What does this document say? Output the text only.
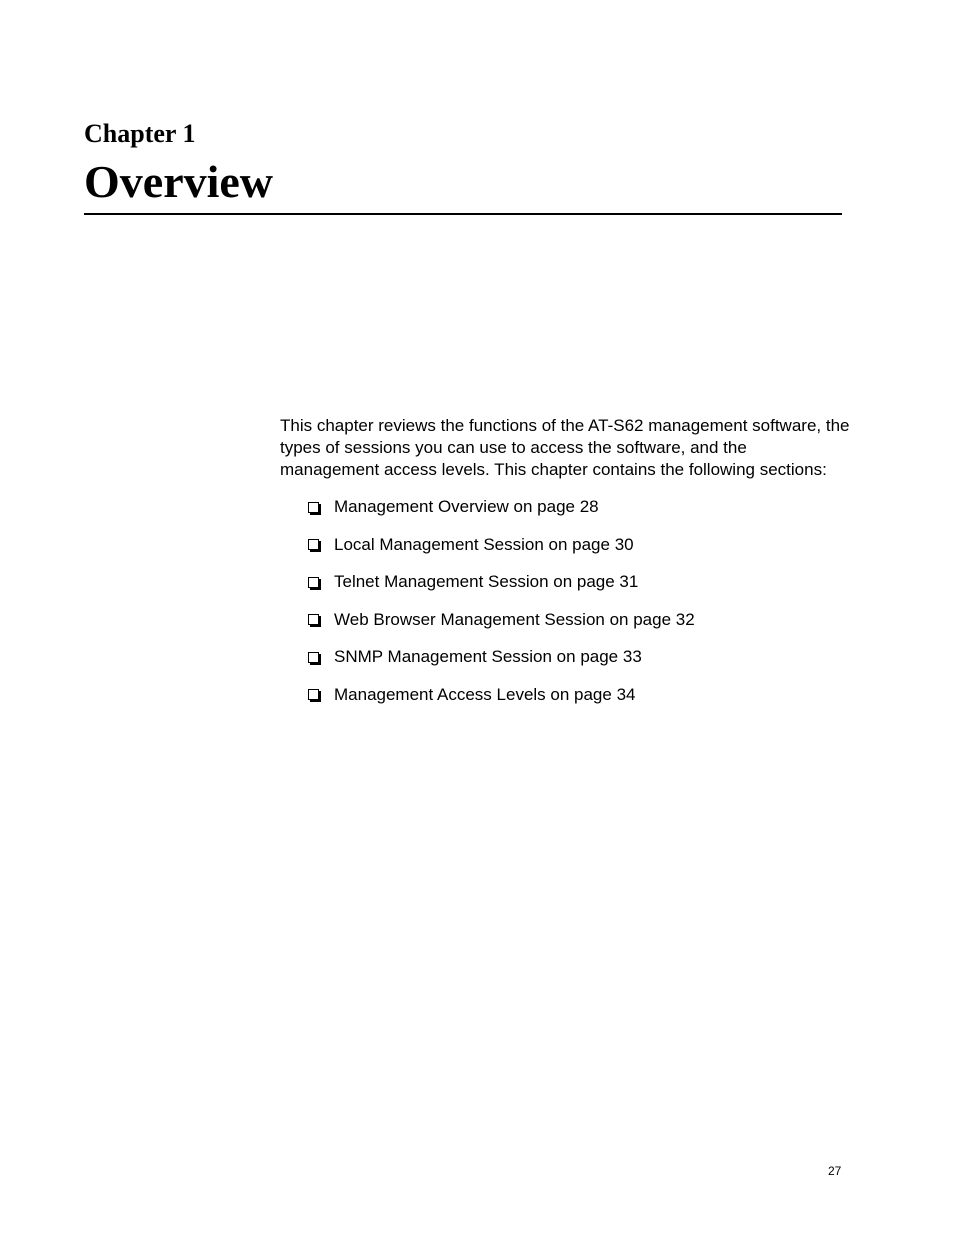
Chapter 1
Overview

This chapter reviews the functions of the AT-S62 management software, the types of sessions you can use to access the software, and the management access levels. This chapter contains the following sections:

Management Overview on page 28
Local Management Session on page 30
Telnet Management Session on page 31
Web Browser Management Session on page 32
SNMP Management Session on page 33
Management Access Levels on page 34
27
